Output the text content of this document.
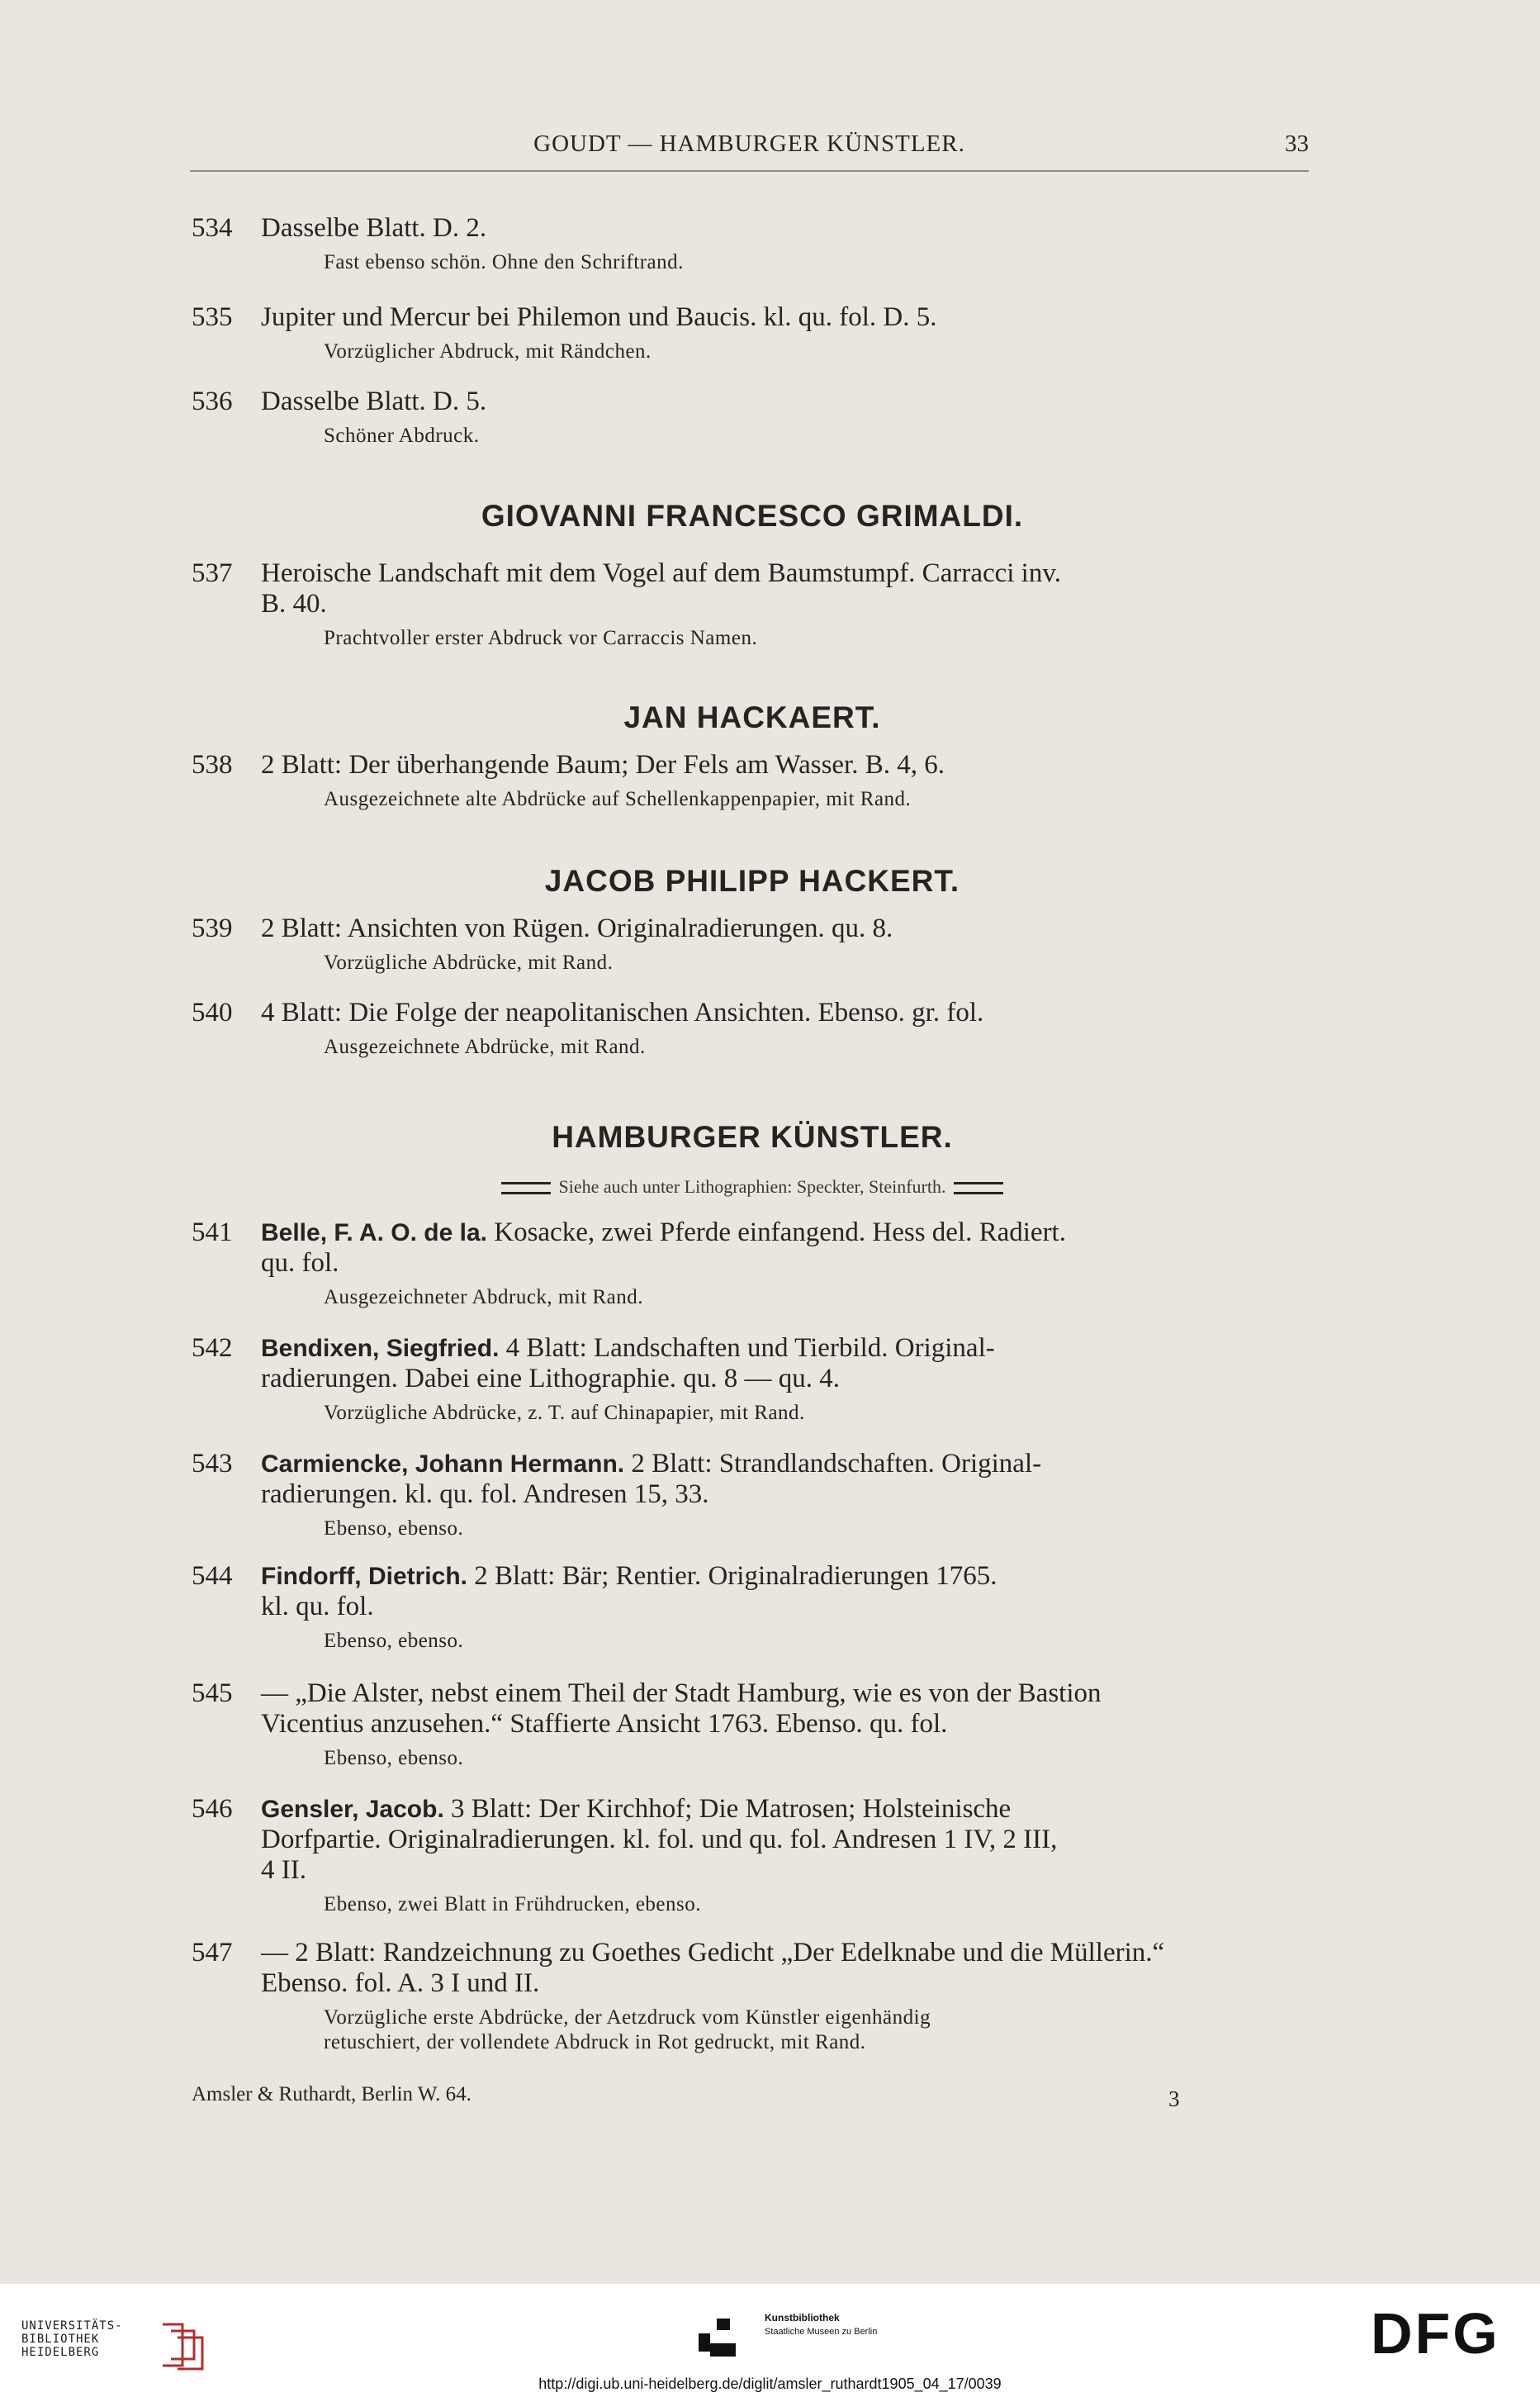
GOUDT — HAMBURGER KÜNSTLER.	33
534	Dasselbe Blatt. D. 2.
Fast ebenso schön. Ohne den Schriftrand.
535	Jupiter und Mercur bei Philemon und Baucis. kl. qu. fol. D. 5.
Vorzüglicher Abdruck, mit Rändchen.
536	Dasselbe Blatt. D. 5.
Schöner Abdruck.
GIOVANNI FRANCESCO GRIMALDI.
537	Heroische Landschaft mit dem Vogel auf dem Baumstumpf. Carracci inv.
B. 40.
Prachtvoller erster Abdruck vor Carraccis Namen.
JAN HACKAERT.
538	2 Blatt: Der überhangende Baum; Der Fels am Wasser. B. 4, 6.
Ausgezeichnete alte Abdrücke auf Schellenkappenpapier, mit Rand.
JACOB PHILIPP HACKERT.
539	2 Blatt: Ansichten von Rügen. Originalradierungen. qu. 8.
Vorzügliche Abdrücke, mit Rand.
540	4 Blatt: Die Folge der neapolitanischen Ansichten. Ebenso. gr. fol.
Ausgezeichnete Abdrücke, mit Rand.
HAMBURGER KÜNSTLER.
Siehe auch unter Lithographien: Speckter, Steinfurth.
541	Belle, F. A. O. de la. Kosacke, zwei Pferde einfangend. Hess del. Radiert.
qu. fol.
Ausgezeichneter Abdruck, mit Rand.
542	Bendixen, Siegfried. 4 Blatt: Landschaften und Tierbild. Original-
radierungen. Dabei eine Lithographie. qu. 8 — qu. 4.
Vorzügliche Abdrücke, z. T. auf Chinapapier, mit Rand.
543	Carmiencke, Johann Hermann. 2 Blatt: Strandlandschaften. Original-
radierungen. kl. qu. fol. Andresen 15, 33.
Ebenso, ebenso.
544	Findorff, Dietrich. 2 Blatt: Bär; Rentier. Originalradierungen 1765.
kl. qu. fol.
Ebenso, ebenso.
545	— „Die Alster, nebst einem Theil der Stadt Hamburg, wie es von der Bastion
Vicentius anzusehen.“ Staffierte Ansicht 1763. Ebenso. qu. fol.
Ebenso, ebenso.
546	Gensler, Jacob. 3 Blatt: Der Kirchhof; Die Matrosen; Holsteinische
Dorfpartie. Originalradierungen. kl. fol. und qu. fol. Andresen 1 IV, 2 III,
4 II.
Ebenso, zwei Blatt in Frühdrucken, ebenso.
547	— 2 Blatt: Randzeichnung zu Goethes Gedicht „Der Edelknabe und die Müllerin.“
Ebenso. fol. A. 3 I und II.
Vorzügliche erste Abdrücke, der Aetzdruck vom Künstler eigenhändig
retuschiert, der vollendete Abdruck in Rot gedruckt, mit Rand.
Amsler & Ruthardt, Berlin W. 64.	3
UNIVERSITÄTS-
BIBLIOTHEK
HEIDELBERG
Kunstbibliothek
Staatliche Museen zu Berlin	DFG
http://digi.ub.uni-heidelberg.de/diglit/amsler_ruthardt1905_04_17/0039
